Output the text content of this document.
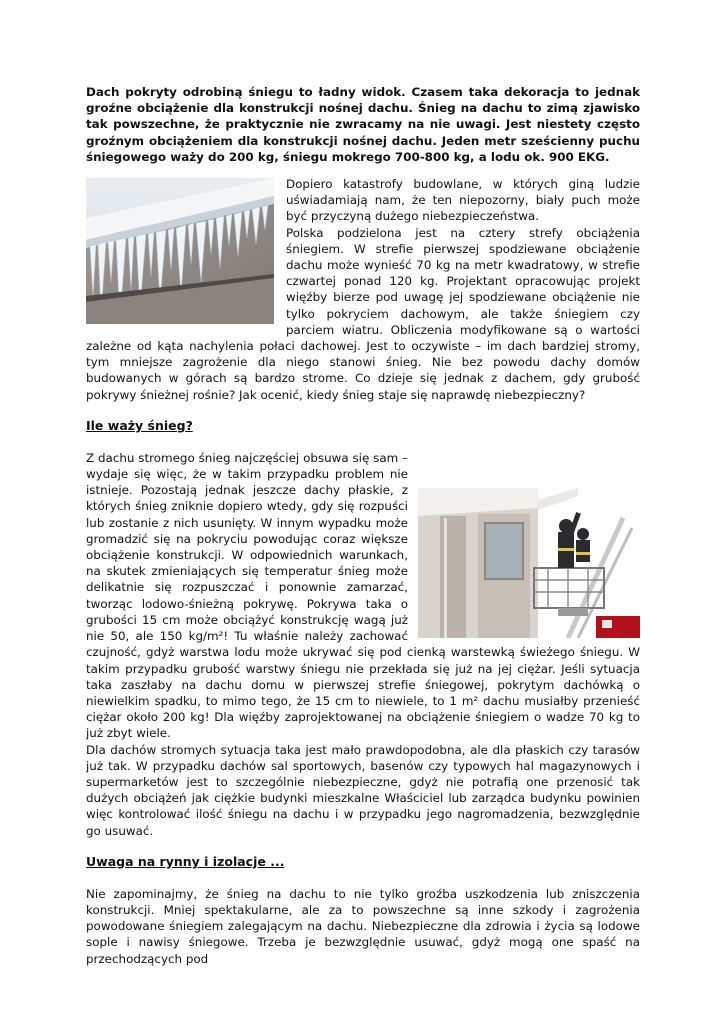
Dach pokryty odrobiną śniegu to ładny widok. Czasem taka dekoracja to jednak groźne obciążenie dla konstrukcji nośnej dachu. Śnieg na dachu to zimą zjawisko tak powszechne, że praktycznie nie zwracamy na nie uwagi. Jest niestety często groźnym obciążeniem dla konstrukcji nośnej dachu. Jeden metr sześcienny puchu śniegowego waży do 200 kg, śniegu mokrego 700-800 kg, a lodu ok. 900 EKG.

Dopiero katastrofy budowlane, w których giną ludzie uświadamiają nam, że ten niepozorny, biały puch może być przyczyną dużego niebezpieczeństwa.

Polska podzielona jest na cztery strefy obciążenia śniegiem. W strefie pierwszej spodziewane obciążenie dachu może wynieść 70 kg na metr kwadratowy, w strefie czwartej ponad 120 kg. Projektant opracowując projekt więźby bierze pod uwagę jej spodziewane obciążenie nie tylko pokryciem dachowym, ale także śniegiem czy parciem wiatru. Obliczenia modyfikowane są o wartości zależne od kąta nachylenia połaci dachowej. Jest to oczywiste – im dach bardziej stromy, tym mniejsze zagrożenie dla niego stanowi śnieg. Nie bez powodu dachy domów budowanych w górach są bardzo strome. Co dzieje się jednak z dachem, gdy grubość pokrywy śnieżnej rośnie? Jak ocenić, kiedy śnieg staje się naprawdę niebezpieczny?

Ile waży śnieg?

Z dachu stromego śnieg najczęściej obsuwa się sam – wydaje się więc, że w takim przypadku problem nie istnieje. Pozostają jednak jeszcze dachy płaskie, z których śnieg zniknie dopiero wtedy, gdy się rozpuści lub zostanie z nich usunięty. W innym wypadku może gromadzić się na pokryciu powodując coraz większe obciążenie konstrukcji. W odpowiednich warunkach, na skutek zmieniających się temperatur śnieg może delikatnie się rozpuszczać i ponownie zamarzać, tworząc lodowo-śnieżną pokrywę. Pokrywa taka o grubości 15 cm może obciążyć konstrukcję wagą już nie 50, ale 150 kg/m²! Tu właśnie należy zachować czujność, gdyż warstwa lodu może ukrywać się pod cienką warstewką świeżego śniegu. W takim przypadku grubość warstwy śniegu nie przekłada się już na jej ciężar. Jeśli sytuacja taka zaszłaby na dachu domu w pierwszej strefie śniegowej, pokrytym dachówką o niewielkim spadku, to mimo tego, że 15 cm to niewiele, to 1 m² dachu musiałby przenieść ciężar około 200 kg! Dla więźby zaprojektowanej na obciążenie śniegiem o wadze 70 kg to już zbyt wiele.

Dla dachów stromych sytuacja taka jest mało prawdopodobna, ale dla płaskich czy tarasów już tak. W przypadku dachów sal sportowych, basenów czy typowych hal magazynowych i supermarketów jest to szczególnie niebezpieczne, gdyż nie potrafią one przenosić tak dużych obciążeń jak ciężkie budynki mieszkalne Właściciel lub zarządca budynku powinien więc kontrolować ilość śniegu na dachu i w przypadku jego nagromadzenia, bezwzględnie go usuwać.

Uwaga na rynny i izolacje ...

Nie zapominajmy, że śnieg na dachu to nie tylko groźba uszkodzenia lub zniszczenia konstrukcji. Mniej spektakularne, ale za to powszechne są inne szkody i zagrożenia powodowane śniegiem zalegającym na dachu. Niebezpieczne dla zdrowia i życia są lodowe sople i nawisy śniegowe. Trzeba je bezwzględnie usuwać, gdyż mogą one spaść na przechodzących pod
